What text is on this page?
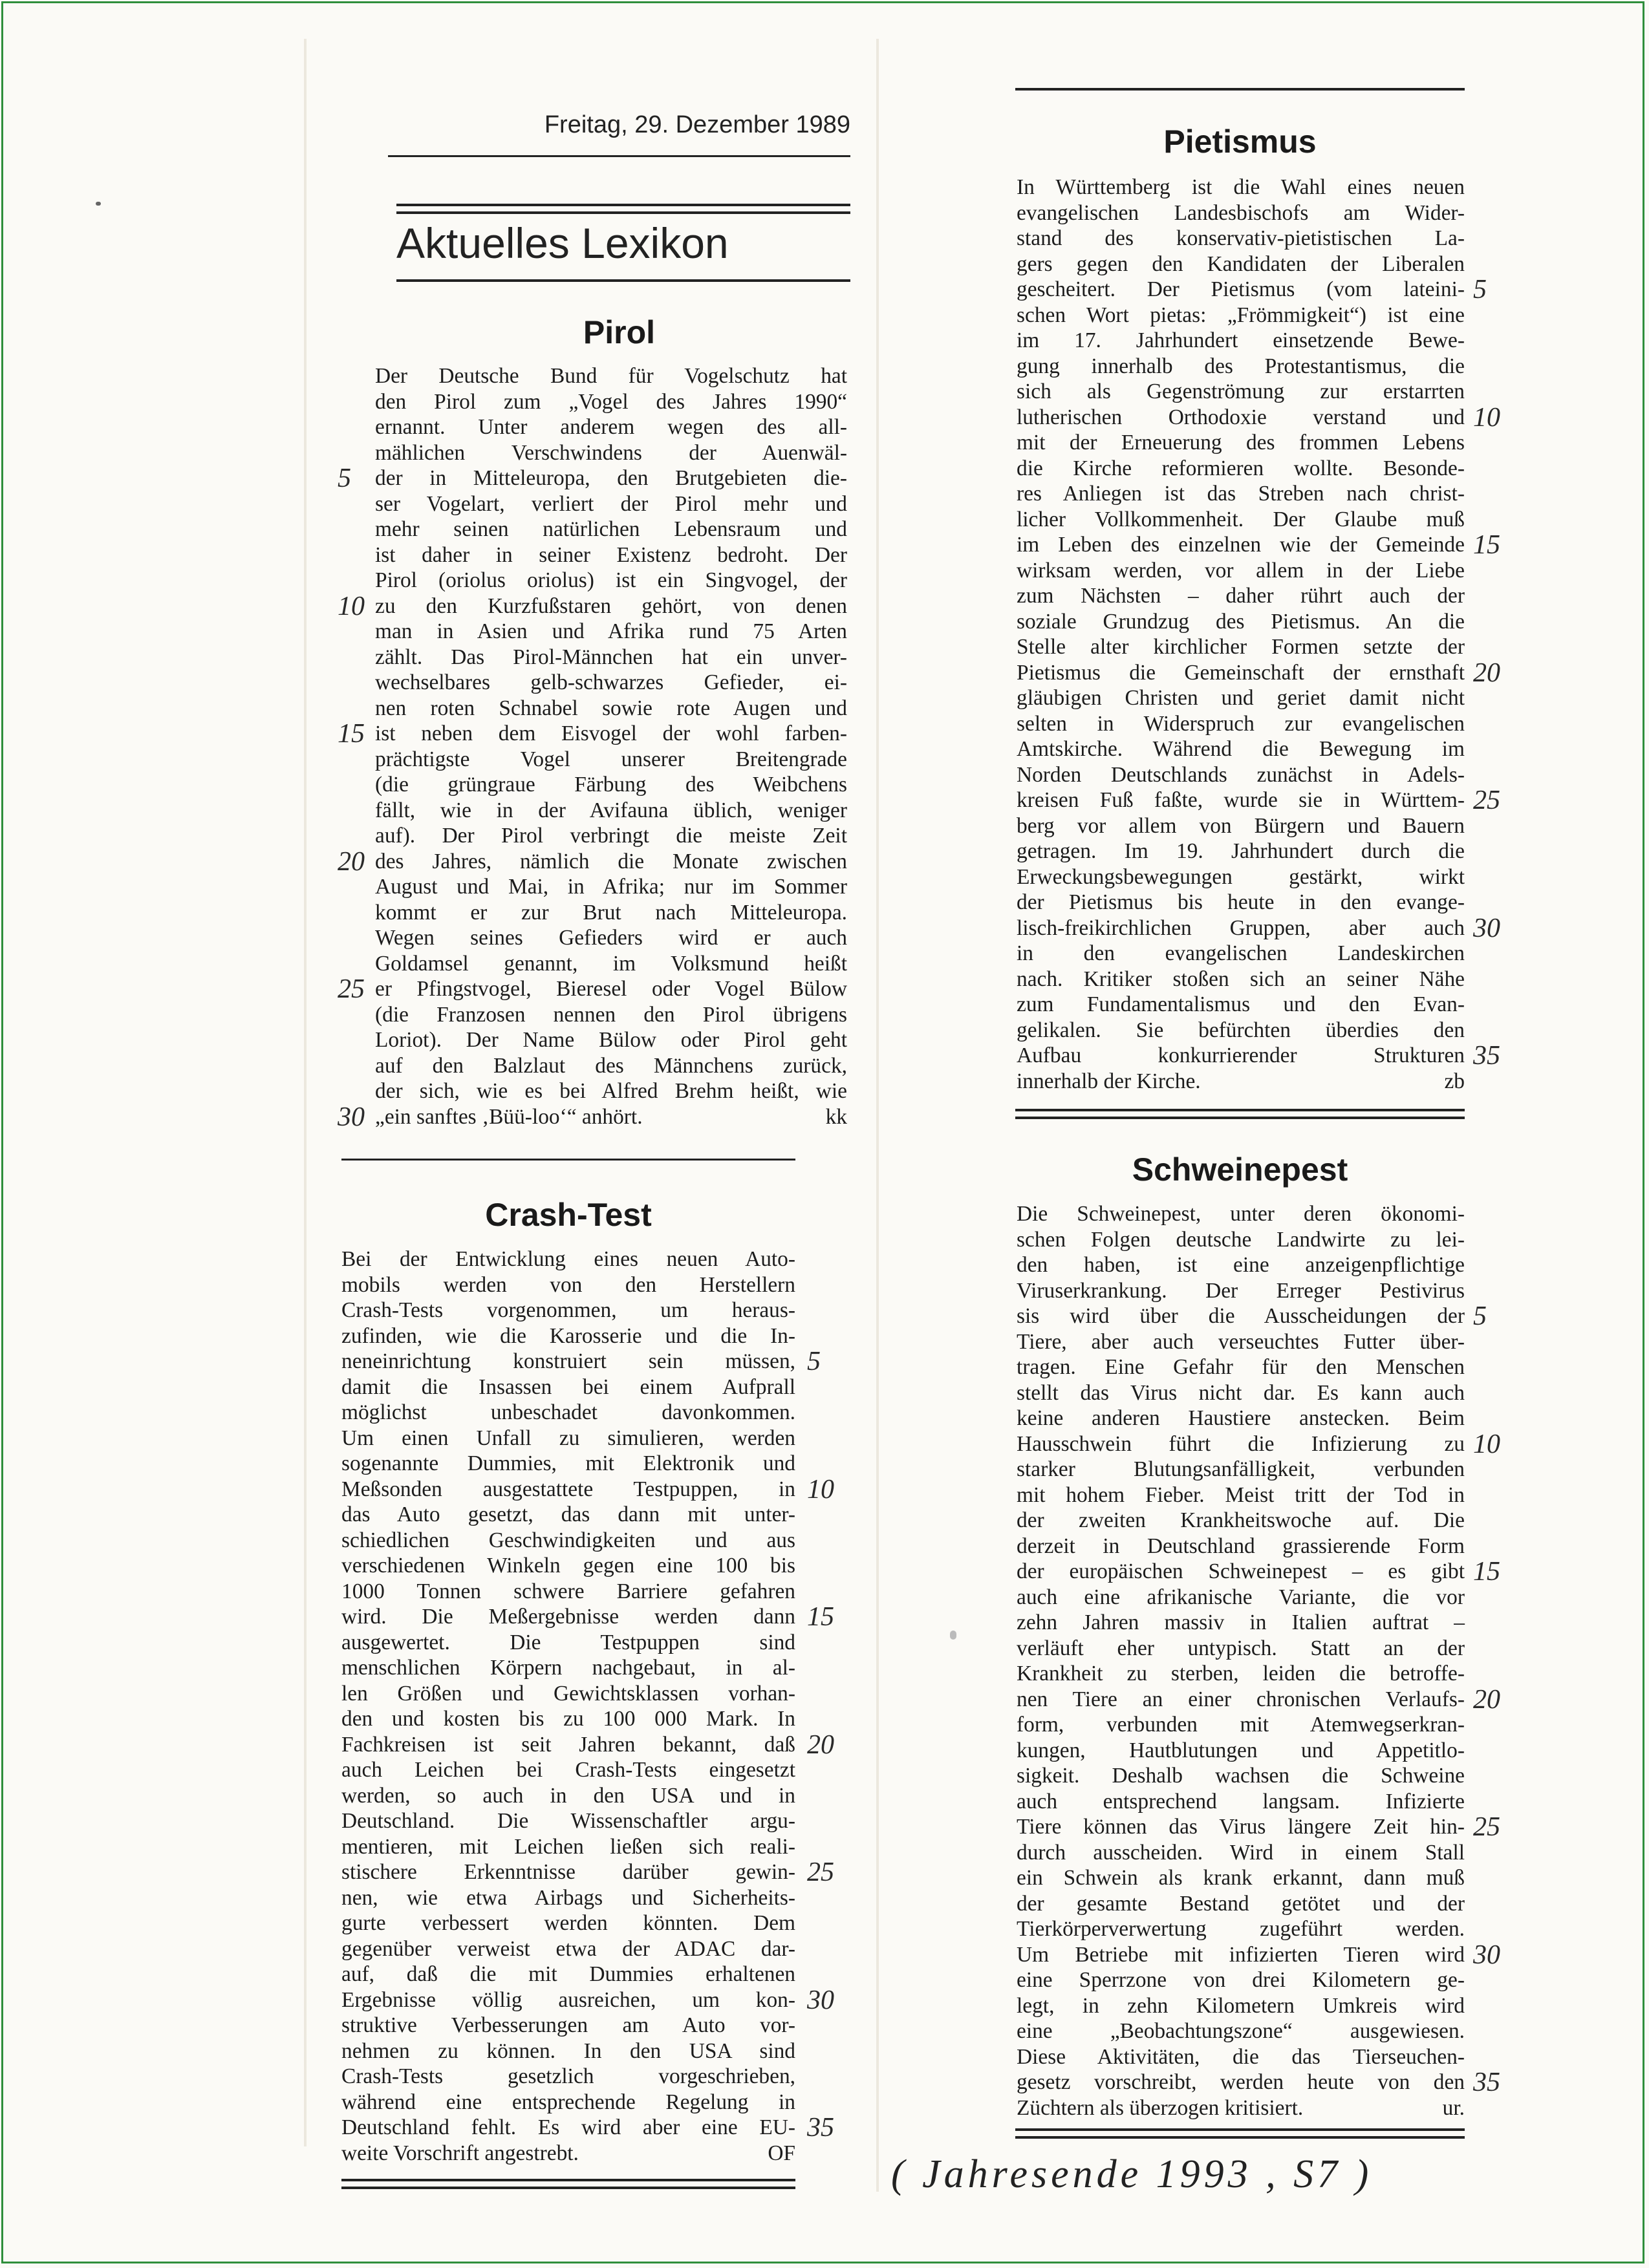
Freitag, 29. Dezember 1989
Aktuelles Lexikon
Pirol
Der Deutsche Bund für Vogelschutz hat
den Pirol zum „Vogel des Jahres 1990“
ernannt. Unter anderem wegen des all-
mählichen Verschwindens der Auenwäl-
der in Mitteleuropa, den Brutgebieten die-
ser Vogelart, verliert der Pirol mehr und
mehr seinen natürlichen Lebensraum und
ist daher in seiner Existenz bedroht. Der
Pirol (oriolus oriolus) ist ein Singvogel, der
zu den Kurzfußstaren gehört, von denen
man in Asien und Afrika rund 75 Arten
zählt. Das Pirol-Männchen hat ein unver-
wechselbares gelb-schwarzes Gefieder, ei-
nen roten Schnabel sowie rote Augen und
ist neben dem Eisvogel der wohl farben-
prächtigste Vogel unserer Breitengrade
(die grüngraue Färbung des Weibchens
fällt, wie in der Avifauna üblich, weniger
auf). Der Pirol verbringt die meiste Zeit
des Jahres, nämlich die Monate zwischen
August und Mai, in Afrika; nur im Sommer
kommt er zur Brut nach Mitteleuropa.
Wegen seines Gefieders wird er auch
Goldamsel genannt, im Volksmund heißt
er Pfingstvogel, Bieresel oder Vogel Bülow
(die Franzosen nennen den Pirol übrigens
Loriot). Der Name Bülow oder Pirol geht
auf den Balzlaut des Männchens zurück,
der sich, wie es bei Alfred Brehm heißt, wie
„ein sanftes ‚Büü-loo‘“ anhört.	kk
Crash-Test
Bei der Entwicklung eines neuen Auto-
mobils werden von den Herstellern
Crash-Tests vorgenommen, um heraus-
zufinden, wie die Karosserie und die In-
neneinrichtung konstruiert sein müssen,
damit die Insassen bei einem Aufprall
möglichst unbeschadet davonkommen.
Um einen Unfall zu simulieren, werden
sogenannte Dummies, mit Elektronik und
Meßsonden ausgestattete Testpuppen, in
das Auto gesetzt, das dann mit unter-
schiedlichen Geschwindigkeiten und aus
verschiedenen Winkeln gegen eine 100 bis
1000 Tonnen schwere Barriere gefahren
wird. Die Meßergebnisse werden dann
ausgewertet. Die Testpuppen sind
menschlichen Körpern nachgebaut, in al-
len Größen und Gewichtsklassen vorhan-
den und kosten bis zu 100 000 Mark. In
Fachkreisen ist seit Jahren bekannt, daß
auch Leichen bei Crash-Tests eingesetzt
werden, so auch in den USA und in
Deutschland. Die Wissenschaftler argu-
mentieren, mit Leichen ließen sich reali-
stischere Erkenntnisse darüber gewin-
nen, wie etwa Airbags und Sicherheits-
gurte verbessert werden könnten. Dem
gegenüber verweist etwa der ADAC dar-
auf, daß die mit Dummies erhaltenen
Ergebnisse völlig ausreichen, um kon-
struktive Verbesserungen am Auto vor-
nehmen zu können. In den USA sind
Crash-Tests gesetzlich vorgeschrieben,
während eine entsprechende Regelung in
Deutschland fehlt. Es wird aber eine EU-
weite Vorschrift angestrebt.	OF
Pietismus
In Württemberg ist die Wahl eines neuen
evangelischen Landesbischofs am Wider-
stand des konservativ-pietistischen La-
gers gegen den Kandidaten der Liberalen
gescheitert. Der Pietismus (vom lateini-
schen Wort pietas: „Frömmigkeit“) ist eine
im 17. Jahrhundert einsetzende Bewe-
gung innerhalb des Protestantismus, die
sich als Gegenströmung zur erstarrten
lutherischen Orthodoxie verstand und
mit der Erneuerung des frommen Lebens
die Kirche reformieren wollte. Besonde-
res Anliegen ist das Streben nach christ-
licher Vollkommenheit. Der Glaube muß
im Leben des einzelnen wie der Gemeinde
wirksam werden, vor allem in der Liebe
zum Nächsten – daher rührt auch der
soziale Grundzug des Pietismus. An die
Stelle alter kirchlicher Formen setzte der
Pietismus die Gemeinschaft der ernsthaft
gläubigen Christen und geriet damit nicht
selten in Widerspruch zur evangelischen
Amtskirche. Während die Bewegung im
Norden Deutschlands zunächst in Adels-
kreisen Fuß faßte, wurde sie in Württem-
berg vor allem von Bürgern und Bauern
getragen. Im 19. Jahrhundert durch die
Erweckungsbewegungen gestärkt, wirkt
der Pietismus bis heute in den evange-
lisch-freikirchlichen Gruppen, aber auch
in den evangelischen Landeskirchen
nach. Kritiker stoßen sich an seiner Nähe
zum Fundamentalismus und den Evan-
gelikalen. Sie befürchten überdies den
Aufbau konkurrierender Strukturen
innerhalb der Kirche.	zb
Schweinepest
Die Schweinepest, unter deren ökonomi-
schen Folgen deutsche Landwirte zu lei-
den haben, ist eine anzeigenpflichtige
Viruserkrankung. Der Erreger Pestivirus
sis wird über die Ausscheidungen der
Tiere, aber auch verseuchtes Futter über-
tragen. Eine Gefahr für den Menschen
stellt das Virus nicht dar. Es kann auch
keine anderen Haustiere anstecken. Beim
Hausschwein führt die Infizierung zu
starker Blutungsanfälligkeit, verbunden
mit hohem Fieber. Meist tritt der Tod in
der zweiten Krankheitswoche auf. Die
derzeit in Deutschland grassierende Form
der europäischen Schweinepest – es gibt
auch eine afrikanische Variante, die vor
zehn Jahren massiv in Italien auftrat –
verläuft eher untypisch. Statt an der
Krankheit zu sterben, leiden die betroffe-
nen Tiere an einer chronischen Verlaufs-
form, verbunden mit Atemwegserkran-
kungen, Hautblutungen und Appetitlo-
sigkeit. Deshalb wachsen die Schweine
auch entsprechend langsam. Infizierte
Tiere können das Virus längere Zeit hin-
durch ausscheiden. Wird in einem Stall
ein Schwein als krank erkannt, dann muß
der gesamte Bestand getötet und der
Tierkörperverwertung zugeführt werden.
Um Betriebe mit infizierten Tieren wird
eine Sperrzone von drei Kilometern ge-
legt, in zehn Kilometern Umkreis wird
eine „Beobachtungszone“ ausgewiesen.
Diese Aktivitäten, die das Tierseuchen-
gesetz vorschreibt, werden heute von den
Züchtern als überzogen kritisiert.	ur.
5
10
15
20
25
30
5
10
15
20
25
30
35
5
10
15
20
25
30
35
5
10
15
20
25
30
35
( Jahresende 1993 , S7 )
